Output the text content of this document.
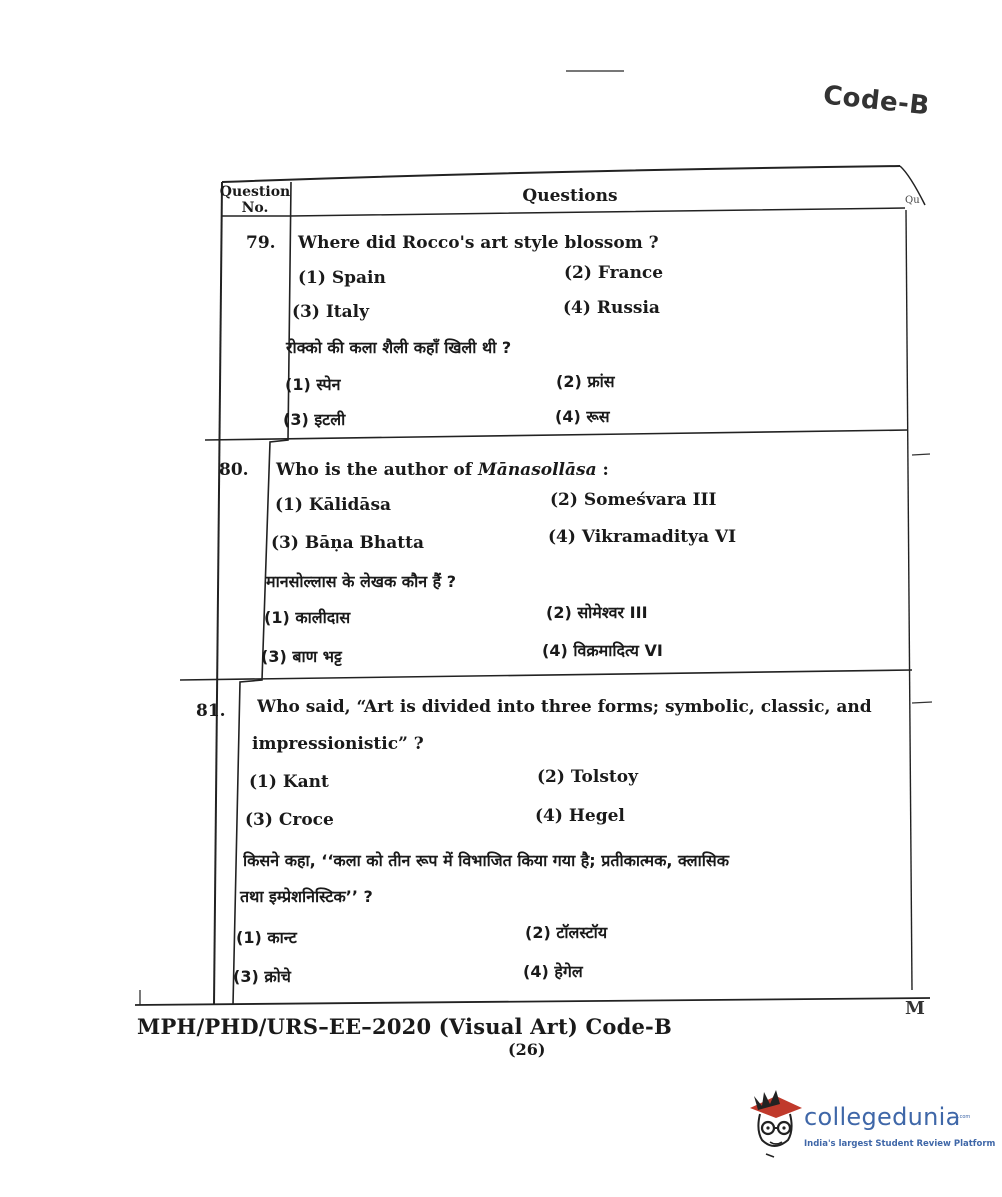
Code-B
Question
No.
Questions	Qu
79. Where did Rocco's art style blossom ?
(1) Spain	(2) France
(3) Italy	(4) Russia
रोक्को की कला शैली कहाँ खिली थी ?
(1) स्पेन	(2) फ्रांस
(3) इटली	(4) रूस
80. Who is the author of Mānasollāsa :
(1) Kālidāsa	(2) Someśvara III
(3) Bāṇa Bhatta	(4) Vikramaditya VI
मानसोल्लास के लेखक कौन हैं ?
(1) कालीदास	(2) सोमेश्वर III
(3) बाण भट्ट	(4) विक्रमादित्य VI
81. Who said, “Art is divided into three forms; symbolic, classic, and
impressionistic” ?
(1) Kant	(2) Tolstoy
(3) Croce	(4) Hegel
किसने कहा, ‘‘कला को तीन रूप में विभाजित किया गया है; प्रतीकात्मक, क्लासिक
तथा इम्प्रेशनिस्टिक’’ ?
(1) कान्ट	(2) टॉलस्टॉय
(3) क्रोचे	(4) हेगेल
M
MPH/PHD/URS–EE–2020 (Visual Art) Code-B
(26)
collegedunia
.com
India's largest Student Review Platform
